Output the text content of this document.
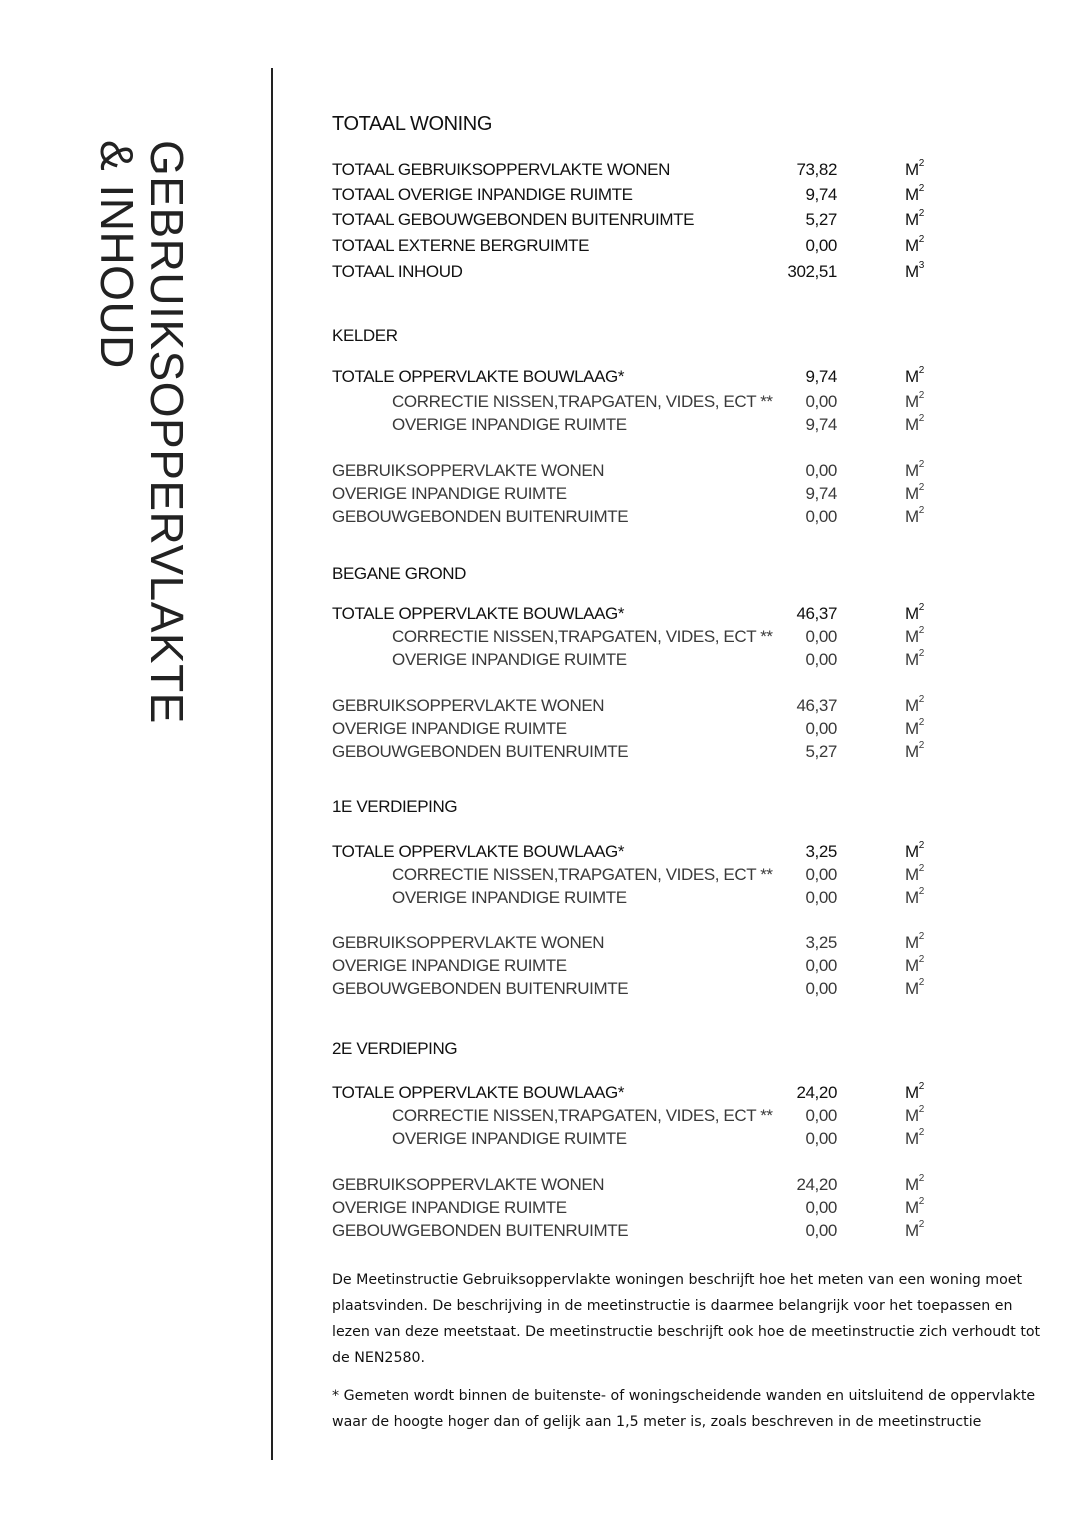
GEBRUIKSOPPERVLAKTE
& INHOUD
TOTAAL WONING
TOTAAL GEBRUIKSOPPERVLAKTE WONEN	73,82	$M^2$
TOTAAL OVERIGE INPANDIGE RUIMTE	9,74	$M^2$
TOTAAL GEBOUWGEBONDEN BUITENRUIMTE	5,27	$M^2$
TOTAAL EXTERNE BERGRUIMTE	0,00	$M^2$
TOTAAL INHOUD	302,51	$M^3$
KELDER
TOTALE OPPERVLAKTE BOUWLAAG*	9,74	$M^2$
CORRECTIE NISSEN,TRAPGATEN, VIDES, ECT ** 0,00	$M^2$
OVERIGE INPANDIGE RUIMTE	9,74	$M^2$
GEBRUIKSOPPERVLAKTE WONEN	0,00	$M^2$
OVERIGE INPANDIGE RUIMTE	9,74	$M^2$
GEBOUWGEBONDEN BUITENRUIMTE	0,00	$M^2$
BEGANE GROND
TOTALE OPPERVLAKTE BOUWLAAG*	46,37	$M^2$
CORRECTIE NISSEN,TRAPGATEN, VIDES, ECT ** 0,00	$M^2$
OVERIGE INPANDIGE RUIMTE	0,00	$M^2$
GEBRUIKSOPPERVLAKTE WONEN	46,37	$M^2$
OVERIGE INPANDIGE RUIMTE	0,00	$M^2$
GEBOUWGEBONDEN BUITENRUIMTE	5,27	$M^2$
1E VERDIEPING
TOTALE OPPERVLAKTE BOUWLAAG*	3,25	$M^2$
CORRECTIE NISSEN,TRAPGATEN, VIDES, ECT ** 0,00	$M^2$
OVERIGE INPANDIGE RUIMTE	0,00	$M^2$
GEBRUIKSOPPERVLAKTE WONEN	3,25	$M^2$
OVERIGE INPANDIGE RUIMTE	0,00	$M^2$
GEBOUWGEBONDEN BUITENRUIMTE	0,00	$M^2$
2E VERDIEPING
TOTALE OPPERVLAKTE BOUWLAAG*	24,20	$M^2$
CORRECTIE NISSEN,TRAPGATEN, VIDES, ECT ** 0,00	$M^2$
OVERIGE INPANDIGE RUIMTE	0,00	$M^2$
GEBRUIKSOPPERVLAKTE WONEN	24,20	$M^2$
OVERIGE INPANDIGE RUIMTE	0,00	$M^2$
GEBOUWGEBONDEN BUITENRUIMTE	0,00	$M^2$
De Meetinstructie Gebruiksoppervlakte woningen beschrijft hoe het meten van een woning moet plaatsvinden. De beschrijving in de meetinstructie is daarmee belangrijk voor het toepassen en lezen van deze meetstaat. De meetinstructie beschrijft ook hoe de meetinstructie zich verhoudt tot de NEN2580.
* Gemeten wordt binnen de buitenste- of woningscheidende wanden en uitsluitend de oppervlakte waar de hoogte hoger dan of gelijk aan 1,5 meter is, zoals beschreven in de meetinstructie
